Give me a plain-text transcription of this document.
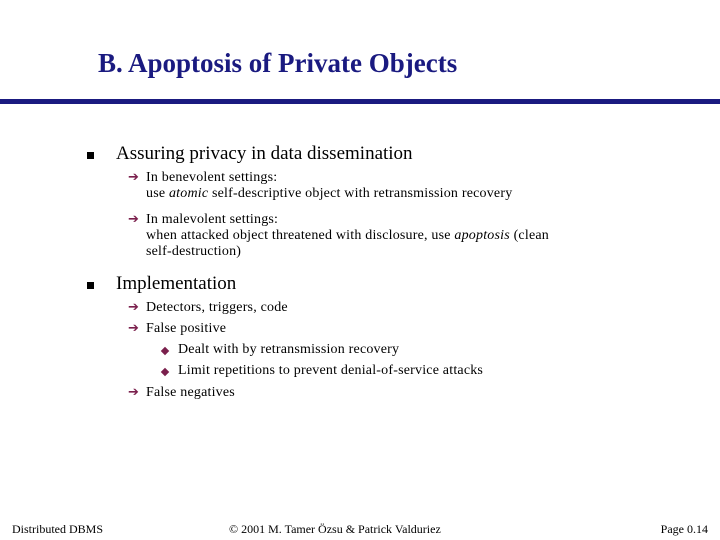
B. Apoptosis of Private Objects
Assuring privacy in data dissemination
➔ In benevolent settings:
use atomic self-descriptive object with retransmission recovery
➔ In malevolent settings:
when attacked object threatened with disclosure, use apoptosis (clean
self-destruction)
Implementation
➔ Detectors, triggers, code
➔ False positive
Dealt with by retransmission recovery
Limit repetitions to prevent denial-of-service attacks
➔ False negatives
Distributed DBMS	© 2001 M. Tamer Özsu & Patrick Valduriez	Page 0.14
